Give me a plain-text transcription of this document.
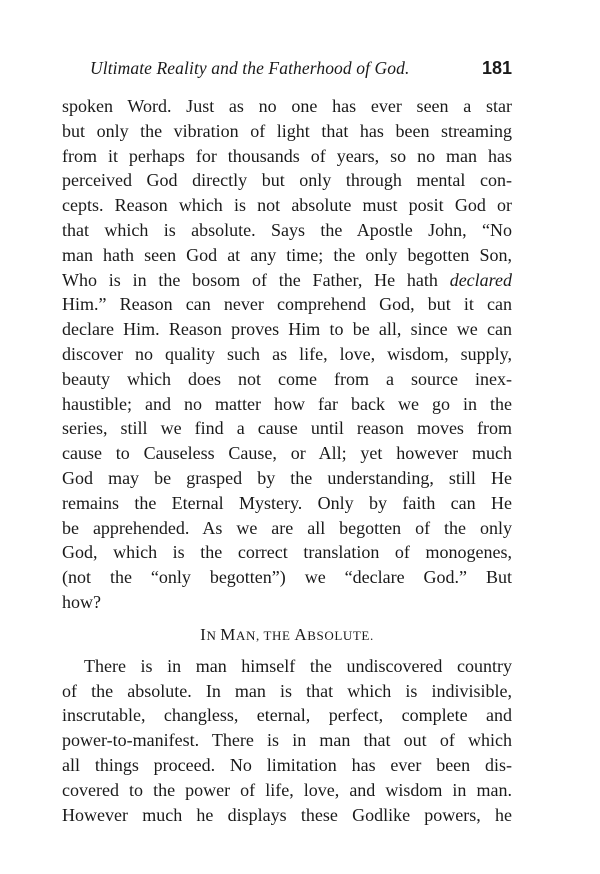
Ultimate Reality and the Fatherhood of God.	181

spoken Word. Just as no one has ever seen a star
but only the vibration of light that has been streaming
from it perhaps for thousands of years, so no man has
perceived God directly but only through mental con-
cepts. Reason which is not absolute must posit God or
that which is absolute. Says the Apostle John, “No
man hath seen God at any time; the only begotten Son,
Who is in the bosom of the Father, He hath declared
Him.” Reason can never comprehend God, but it can
declare Him. Reason proves Him to be all, since we can
discover no quality such as life, love, wisdom, supply,
beauty which does not come from a source inex-
haustible; and no matter how far back we go in the
series, still we find a cause until reason moves from
cause to Causeless Cause, or All; yet however much
God may be grasped by the understanding, still He
remains the Eternal Mystery. Only by faith can He
be apprehended. As we are all begotten of the only
God, which is the correct translation of monogenes,
(not the “only begotten”) we “declare God.” But
how?

IN MAN, THE ABSOLUTE.

There is in man himself the undiscovered country
of the absolute. In man is that which is indivisible,
inscrutable, changless, eternal, perfect, complete and
power-to-manifest. There is in man that out of which
all things proceed. No limitation has ever been dis-
covered to the power of life, love, and wisdom in man.
However much he displays these Godlike powers, he
